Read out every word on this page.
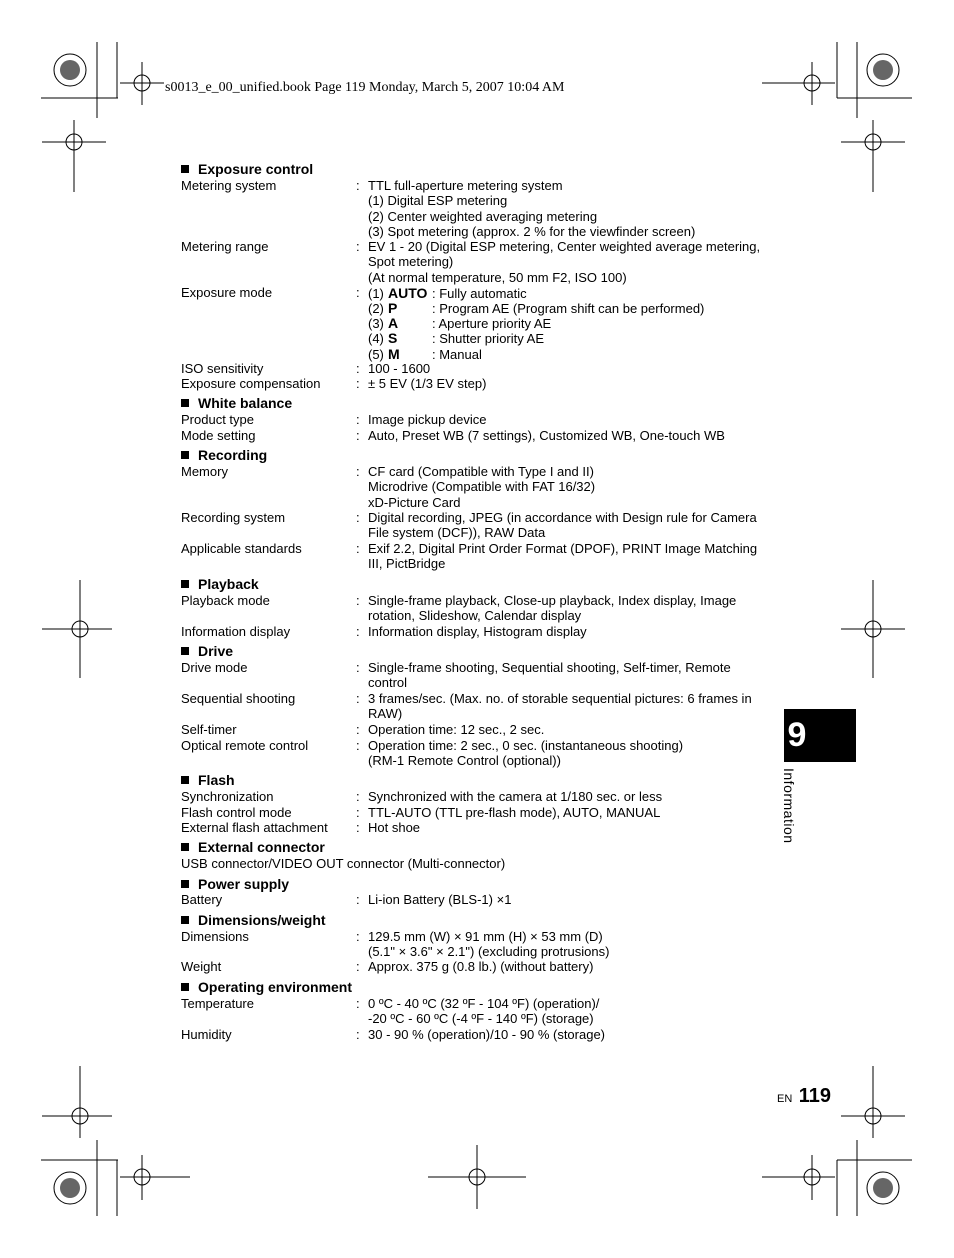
s0013_e_00_unified.book Page 119 Monday, March 5, 2007 10:04 AM
Exposure control
Metering system	: TTL full-aperture metering system
(1) Digital ESP metering
(2) Center weighted averaging metering
(3) Spot metering (approx. 2 % for the viewfinder screen)
Metering range	: EV 1 - 20 (Digital ESP metering, Center weighted average metering,
Spot metering)
(At normal temperature, 50 mm F2, ISO 100)
Exposure mode	: (1) AUTO : Fully automatic
(2) P	: Program AE (Program shift can be performed)
(3) A	: Aperture priority AE
(4) S	: Shutter priority AE
(5) M : Manual
ISO sensitivity	: 100 - 1600
Exposure compensation	: ± 5 EV (1/3 EV step)
White balance
Product type	: Image pickup device
Mode setting	: Auto, Preset WB (7 settings), Customized WB, One-touch WB
Recording
Memory	: CF card (Compatible with Type I and II)
Microdrive (Compatible with FAT 16/32)
xD-Picture Card
Recording system	: Digital recording, JPEG (in accordance with Design rule for Camera
File system (DCF)), RAW Data
Applicable standards	: Exif 2.2, Digital Print Order Format (DPOF), PRINT Image Matching
III, PictBridge
Playback
Playback mode	: Single-frame playback, Close-up playback, Index display, Image
rotation, Slideshow, Calendar display
Information display	: Information display, Histogram display
Drive
Drive mode	: Single-frame shooting, Sequential shooting, Self-timer, Remote
control
Sequential shooting	: 3 frames/sec. (Max. no. of storable sequential pictures: 6 frames in
RAW)
Self-timer	: Operation time: 12 sec., 2 sec.
Optical remote control	: Operation time: 2 sec., 0 sec. (instantaneous shooting)
(RM-1 Remote Control (optional))
Flash
Synchronization	: Synchronized with the camera at 1/180 sec. or less
Flash control mode	: TTL-AUTO (TTL pre-flash mode), AUTO, MANUAL
External flash attachment : Hot shoe
External connector
USB connector/VIDEO OUT connector (Multi-connector)
Power supply
Battery	: Li-ion Battery (BLS-1) ×1
Dimensions/weight
Dimensions	: 129.5 mm (W) × 91 mm (H) × 53 mm (D)
(5.1" × 3.6" × 2.1") (excluding protrusions)
Weight	: Approx. 375 g (0.8 lb.) (without battery)
Operating environment
Temperature	: 0 ºC - 40 ºC (32 ºF - 104 ºF) (operation)/
-20 ºC - 60 ºC (-4 ºF - 140 ºF) (storage)
Humidity	: 30 - 90 % (operation)/10 - 90 % (storage)
9
Information
EN 119
